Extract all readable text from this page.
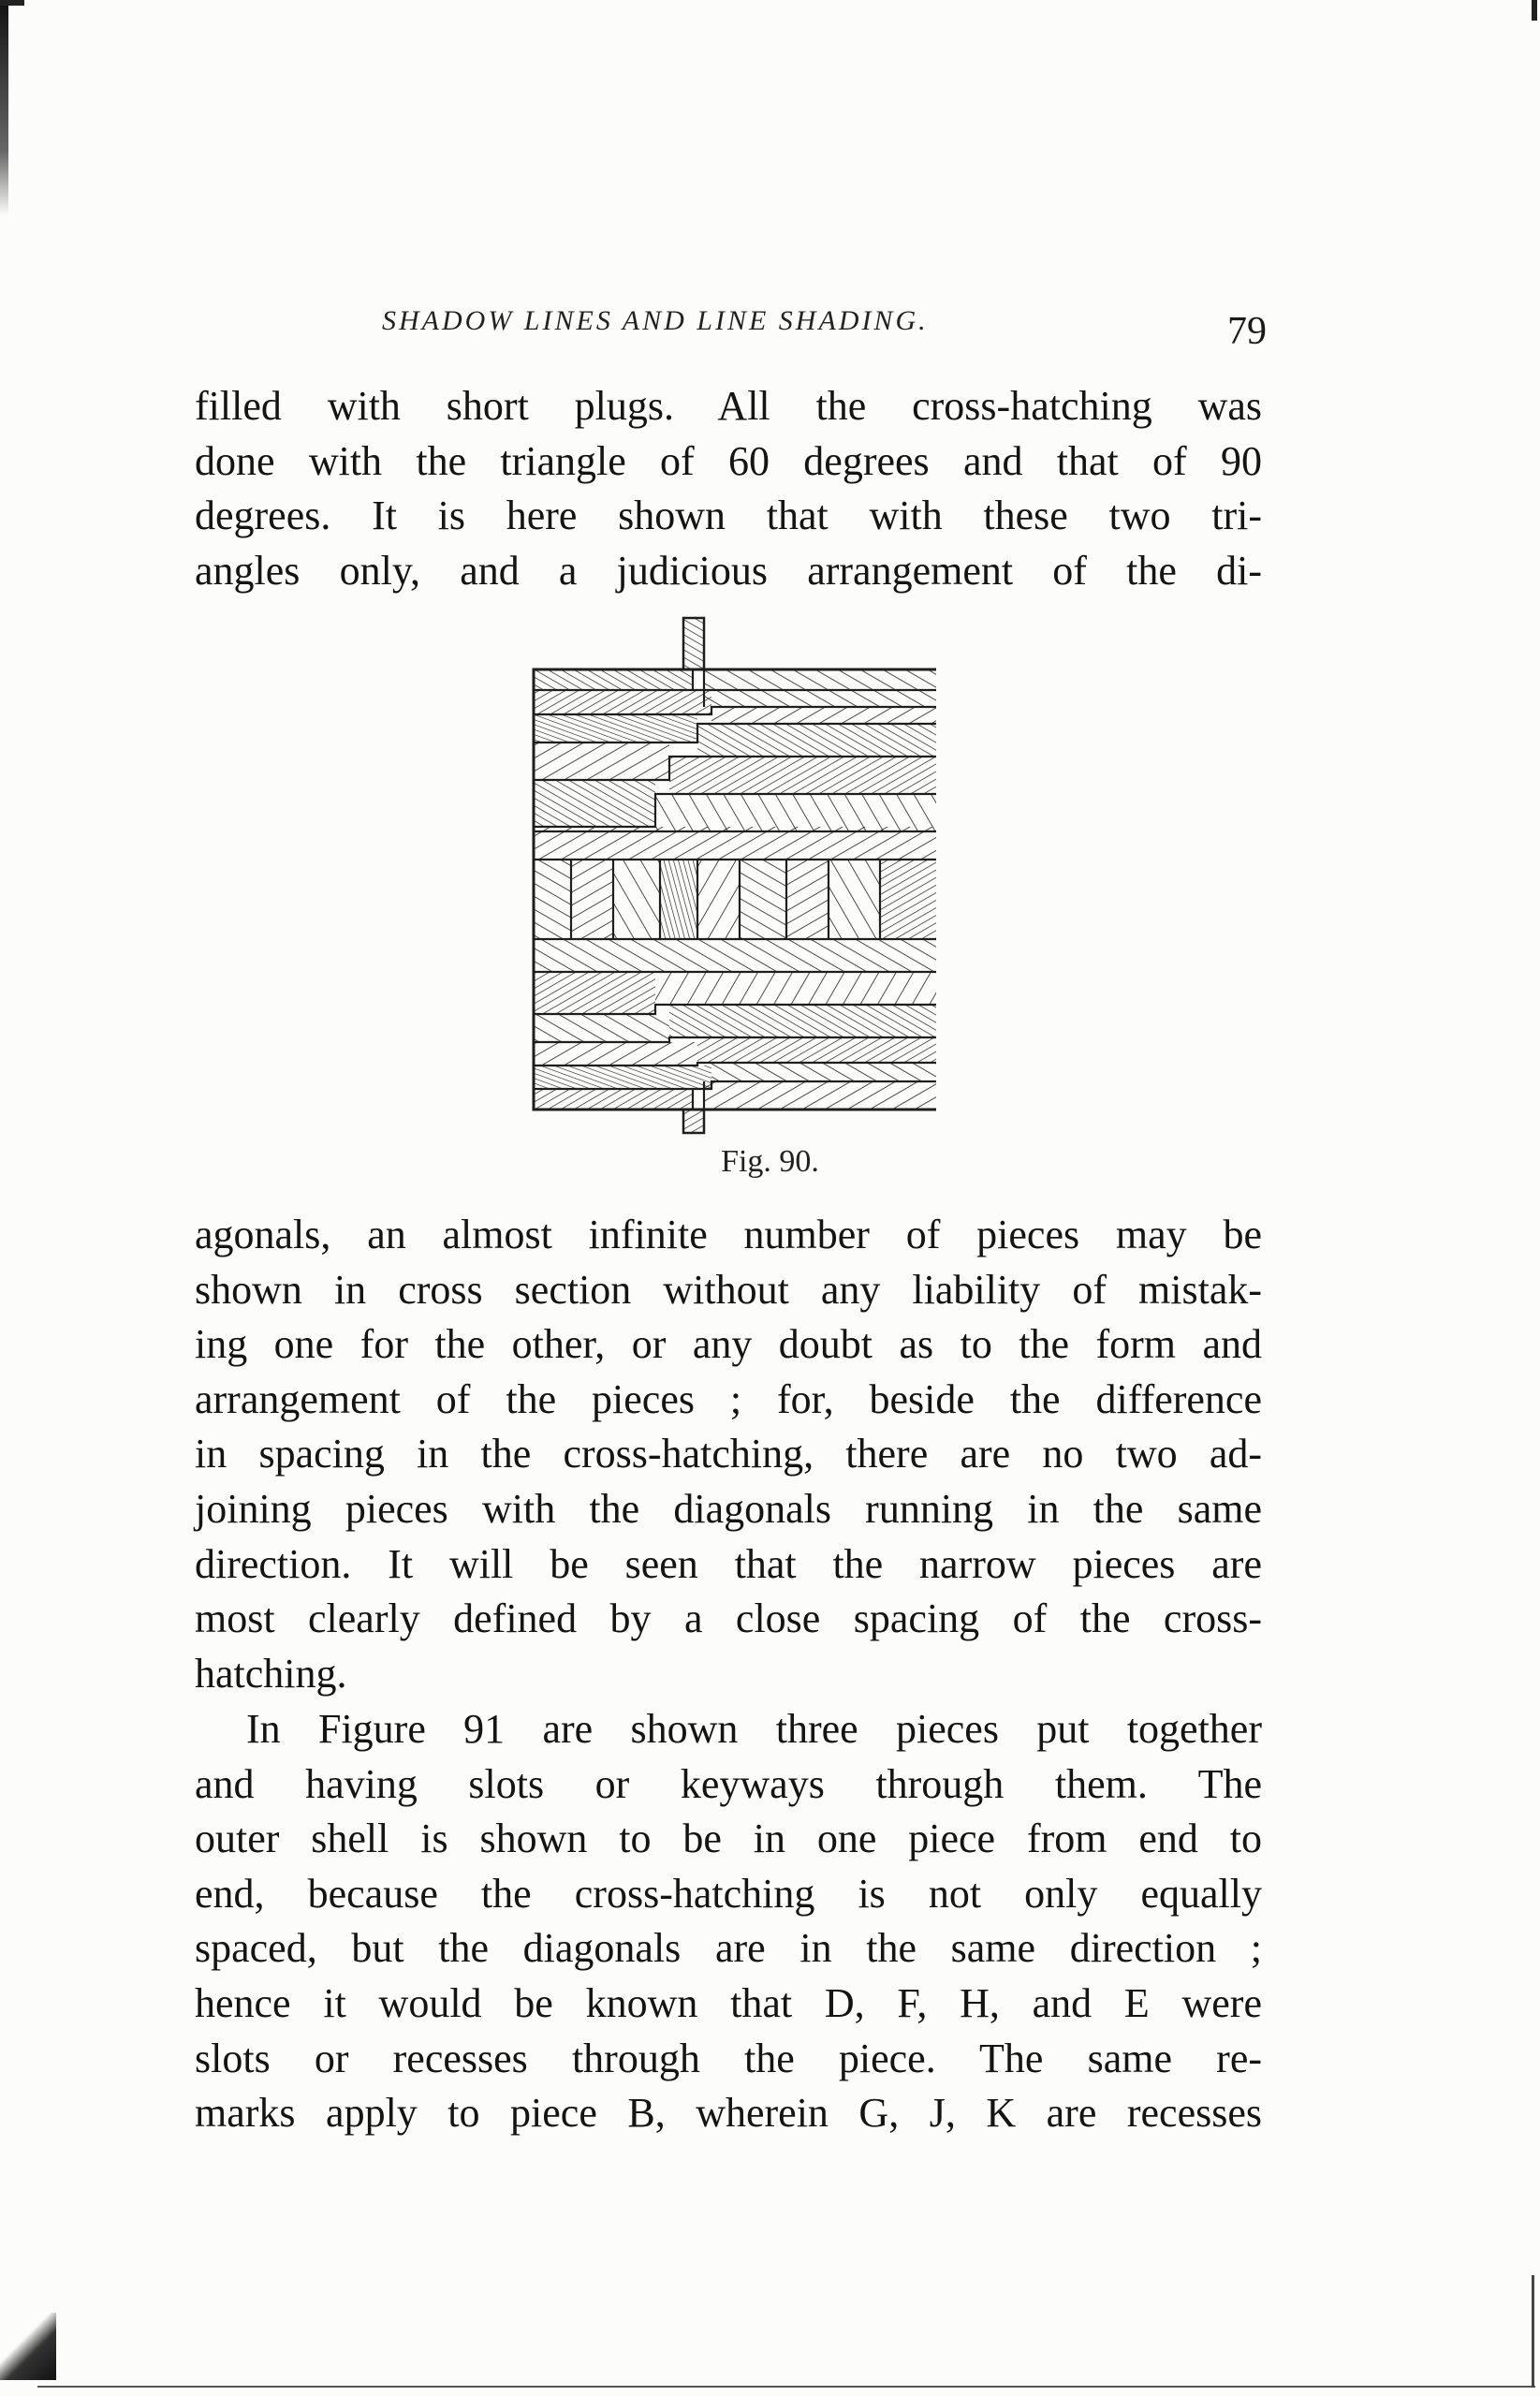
SHADOW LINES AND LINE SHADING.	79

filled with short plugs. All the cross-hatching was
done with the triangle of 60 degrees and that of 90
degrees. It is here shown that with these two tri-
angles only, and a judicious arrangement of the di-

Fig. 90.

agonals, an almost infinite number of pieces may be
shown in cross section without any liability of mistak-
ing one for the other, or any doubt as to the form and
arrangement of the pieces ; for, beside the difference
in spacing in the cross-hatching, there are no two ad-
joining pieces with the diagonals running in the same
direction. It will be seen that the narrow pieces are
most clearly defined by a close spacing of the cross-
hatching.

In Figure 91 are shown three pieces put together
and having slots or keyways through them. The
outer shell is shown to be in one piece from end to
end, because the cross-hatching is not only equally
spaced, but the diagonals are in the same direction ;
hence it would be known that D, F, H, and E were
slots or recesses through the piece. The same re-
marks apply to piece B, wherein G, J, K are recesses
